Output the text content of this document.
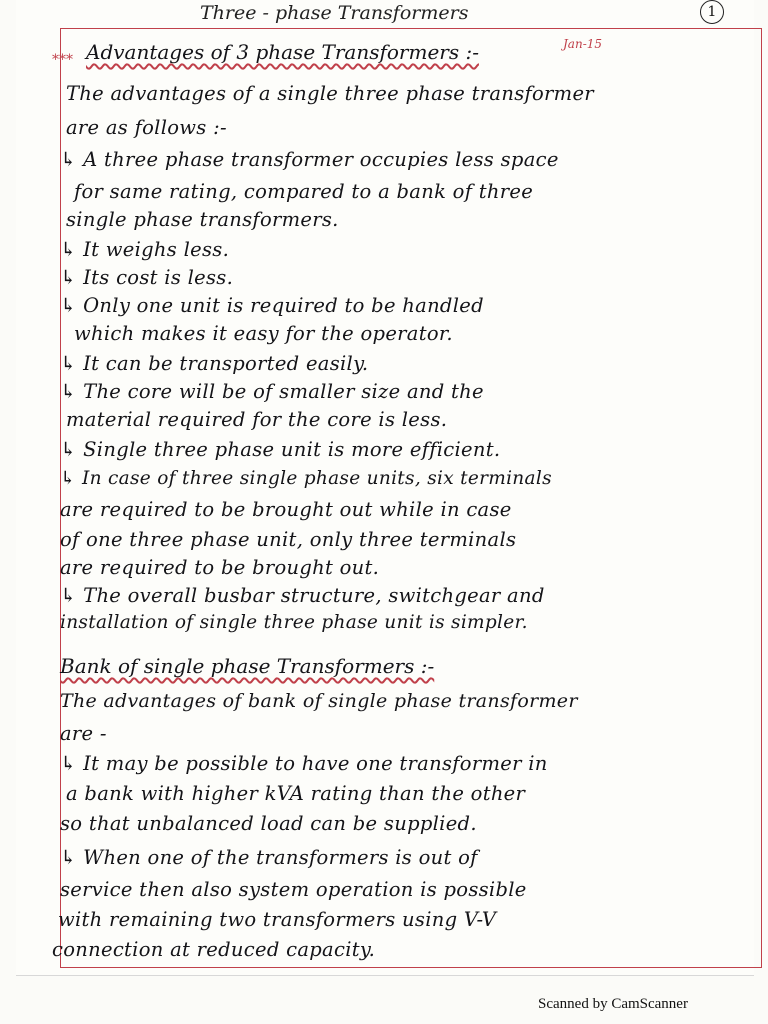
Three - phase Transformers	1
*** Advantages of 3 phase Transformers :-	Jan-15
The advantages of a single three phase transformer
are as follows :-
↳ A three phase transformer occupies less space
for same rating, compared to a bank of three
single phase transformers.
↳ It weighs less.
↳ Its cost is less.
↳ Only one unit is required to be handled
which makes it easy for the operator.
↳ It can be transported easily.
↳ The core will be of smaller size and the
material required for the core is less.
↳ Single three phase unit is more efficient.
↳ In case of three single phase units, six terminals
are required to be brought out while in case
of one three phase unit, only three terminals
are required to be brought out.
↳ The overall busbar structure, switchgear and
installation of single three phase unit is simpler.
Bank of single phase Transformers :-
The advantages of bank of single phase transformer
are -
↳ It may be possible to have one transformer in
a bank with higher kVA rating than the other
so that unbalanced load can be supplied.
↳ When one of the transformers is out of
service then also system operation is possible
with remaining two transformers using V-V
connection at reduced capacity.
Scanned by CamScanner
